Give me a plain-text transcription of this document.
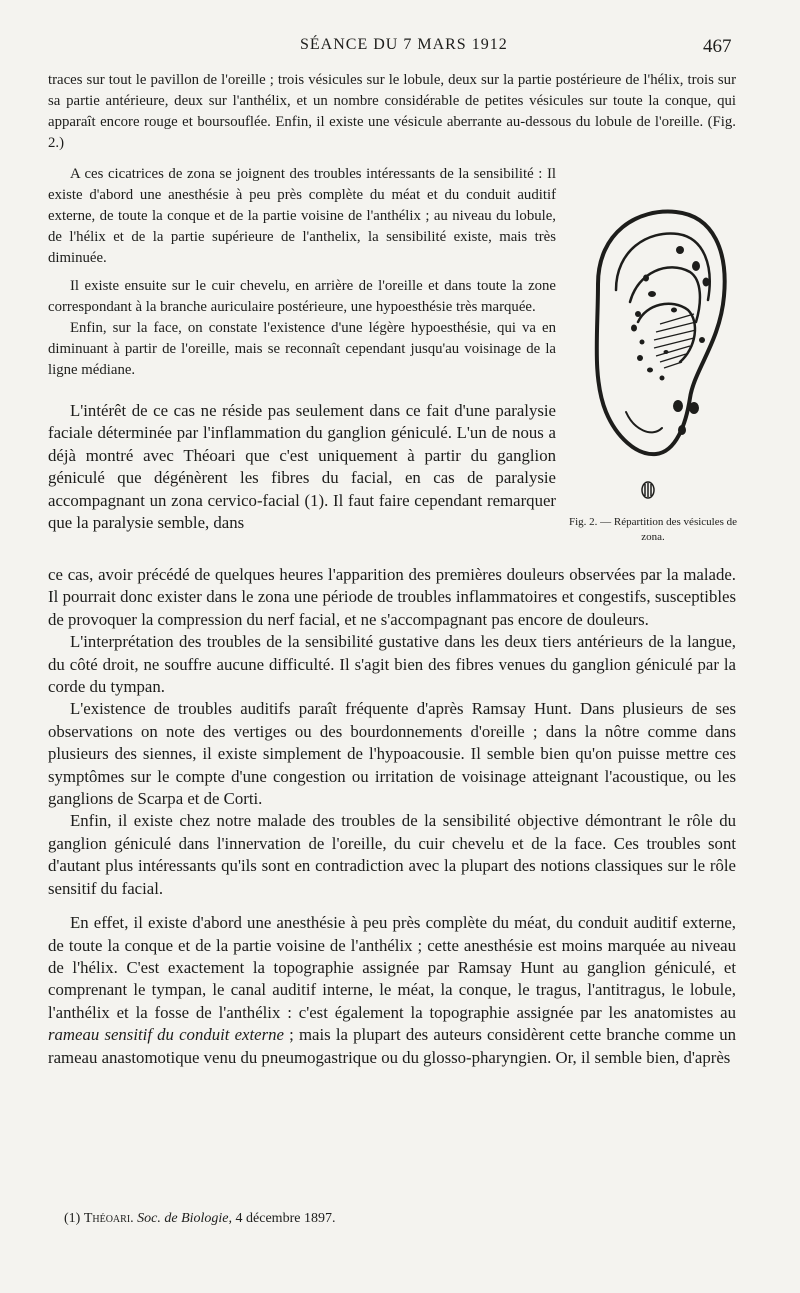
SÉANCE DU 7 MARS 1912	467

traces sur tout le pavillon de l'oreille ; trois vésicules sur le lobule, deux sur la partie postérieure de l'hélix, trois sur sa partie antérieure, deux sur l'anthélix, et un nombre considérable de petites vésicules sur toute la conque, qui apparaît encore rouge et boursouflée. Enfin, il existe une vésicule aberrante au-dessous du lobule de l'oreille. (Fig. 2.)

A ces cicatrices de zona se joignent des troubles intéressants de la sensibilité : Il existe d'abord une anesthésie à peu près complète du méat et du conduit auditif externe, de toute la conque et de la partie voisine de l'anthélix ; au niveau du lobule, de l'hélix et de la partie supérieure de l'anthelix, la sensibilité existe, mais très diminuée.

Il existe ensuite sur le cuir chevelu, en arrière de l'oreille et dans toute la zone correspondant à la branche auriculaire postérieure, une hypoesthésie très marquée.

Enfin, sur la face, on constate l'existence d'une légère hypoesthésie, qui va en diminuant à partir de l'oreille, mais se reconnaît cependant jusqu'au voisinage de la ligne médiane.

L'intérêt de ce cas ne réside pas seulement dans ce fait d'une paralysie faciale déterminée par l'inflammation du ganglion géniculé. L'un de nous a déjà montré avec Théoari que c'est uniquement à partir du ganglion géniculé que dégénèrent les fibres du facial, en cas de paralysie accompagnant un zona cervico-facial (1). Il faut faire cependant remarquer que la paralysie semble, dans

ce cas, avoir précédé de quelques heures l'apparition des premières douleurs observées par la malade. Il pourrait donc exister dans le zona une période de troubles inflammatoires et congestifs, susceptibles de provoquer la compression du nerf facial, et ne s'accompagnant pas encore de douleurs.

L'interprétation des troubles de la sensibilité gustative dans les deux tiers antérieurs de la langue, du côté droit, ne souffre aucune difficulté. Il s'agit bien des fibres venues du ganglion géniculé par la corde du tympan.

L'existence de troubles auditifs paraît fréquente d'après Ramsay Hunt. Dans plusieurs de ses observations on note des vertiges ou des bourdonnements d'oreille ; dans la nôtre comme dans plusieurs des siennes, il existe simplement de l'hypoacousie. Il semble bien qu'on puisse mettre ces symptômes sur le compte d'une congestion ou irritation de voisinage atteignant l'acoustique, ou les ganglions de Scarpa et de Corti.

Enfin, il existe chez notre malade des troubles de la sensibilité objective démontrant le rôle du ganglion géniculé dans l'innervation de l'oreille, du cuir chevelu et de la face. Ces troubles sont d'autant plus intéressants qu'ils sont en contradiction avec la plupart des notions classiques sur le rôle sensitif du facial.

En effet, il existe d'abord une anesthésie à peu près complète du méat, du conduit auditif externe, de toute la conque et de la partie voisine de l'anthélix ; cette anesthésie est moins marquée au niveau de l'hélix. C'est exactement la topographie assignée par Ramsay Hunt au ganglion géniculé, et comprenant le tympan, le canal auditif interne, le méat, la conque, le tragus, l'antitragus, le lobule, l'anthélix et la fosse de l'anthélix : c'est également la topographie assignée par les anatomistes au rameau sensitif du conduit externe ; mais la plupart des auteurs considèrent cette branche comme un rameau anastomotique venu du pneumogastrique ou du glosso-pharyngien. Or, il semble bien, d'après

Fig. 2. — Répartition des vésicules de zona.
(1) Théoari. Soc. de Biologie, 4 décembre 1897.
